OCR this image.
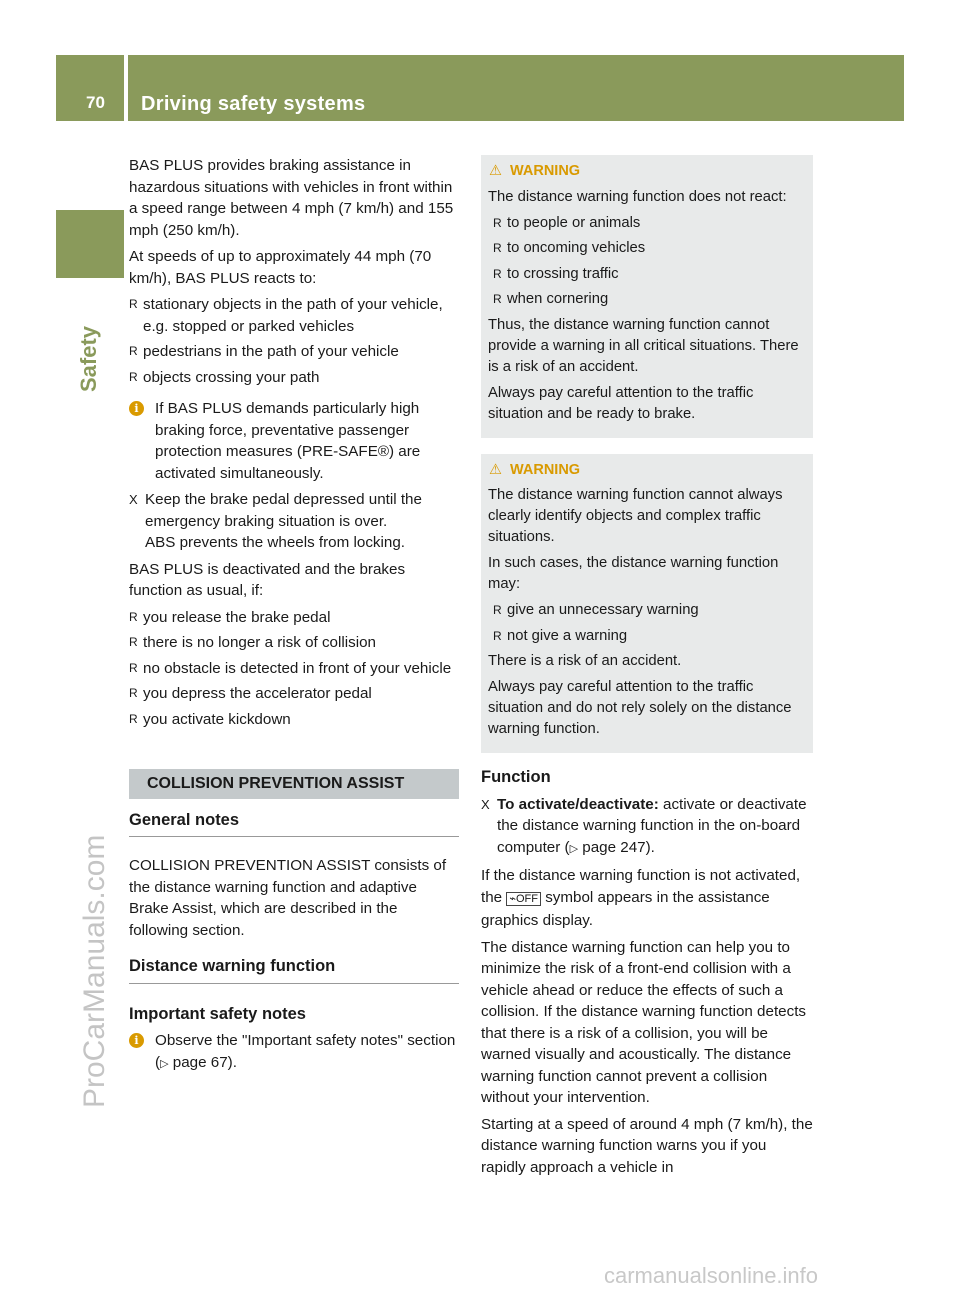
70 Driving safety systems
Safety
ProCarManuals.com

BAS PLUS provides braking assistance in hazardous situations with vehicles in front within a speed range between 4 mph (7 km/h) and 155 mph (250 km/h).

At speeds of up to approximately 44 mph (70 km/h), BAS PLUS reacts to:

R stationary objects in the path of your vehicle, e.g. stopped or parked vehicles
R pedestrians in the path of your vehicle
R objects crossing your path
i	If BAS PLUS demands particularly high braking force, preventative passenger protection measures (PRE-SAFE®) are activated simultaneously.
X Keep the brake pedal depressed until the emergency braking situation is over.
ABS prevents the wheels from locking.

BAS PLUS is deactivated and the brakes function as usual, if:

R you release the brake pedal
R there is no longer a risk of collision
R no obstacle is detected in front of your vehicle
R you depress the accelerator pedal
R you activate kickdown
COLLISION PREVENTION ASSIST
General notes

COLLISION PREVENTION ASSIST consists of the distance warning function and adaptive Brake Assist, which are described in the following section.

Distance warning function
Important safety notes
i	Observe the "Important safety notes" section (▷ page 67).
⚠ WARNING

The distance warning function does not react:

R to people or animals
R to oncoming vehicles
R to crossing traffic
R when cornering

Thus, the distance warning function cannot provide a warning in all critical situations. There is a risk of an accident.

Always pay careful attention to the traffic situation and be ready to brake.

⚠ WARNING

The distance warning function cannot always clearly identify objects and complex traffic situations.

In such cases, the distance warning function may:

R give an unnecessary warning
R not give a warning

There is a risk of an accident.

Always pay careful attention to the traffic situation and do not rely solely on the distance warning function.

Function
X To activate/deactivate: activate or deactivate the distance warning function in the on-board computer (▷ page 247).

If the distance warning function is not activated, the ⌁OFF symbol appears in the assistance graphics display.

The distance warning function can help you to minimize the risk of a front-end collision with a vehicle ahead or reduce the effects of such a collision. If the distance warning function detects that there is a risk of a collision, you will be warned visually and acoustically. The distance warning function cannot prevent a collision without your intervention.

Starting at a speed of around 4 mph (7 km/h), the distance warning function warns you if you rapidly approach a vehicle in

carmanualsonline.info
